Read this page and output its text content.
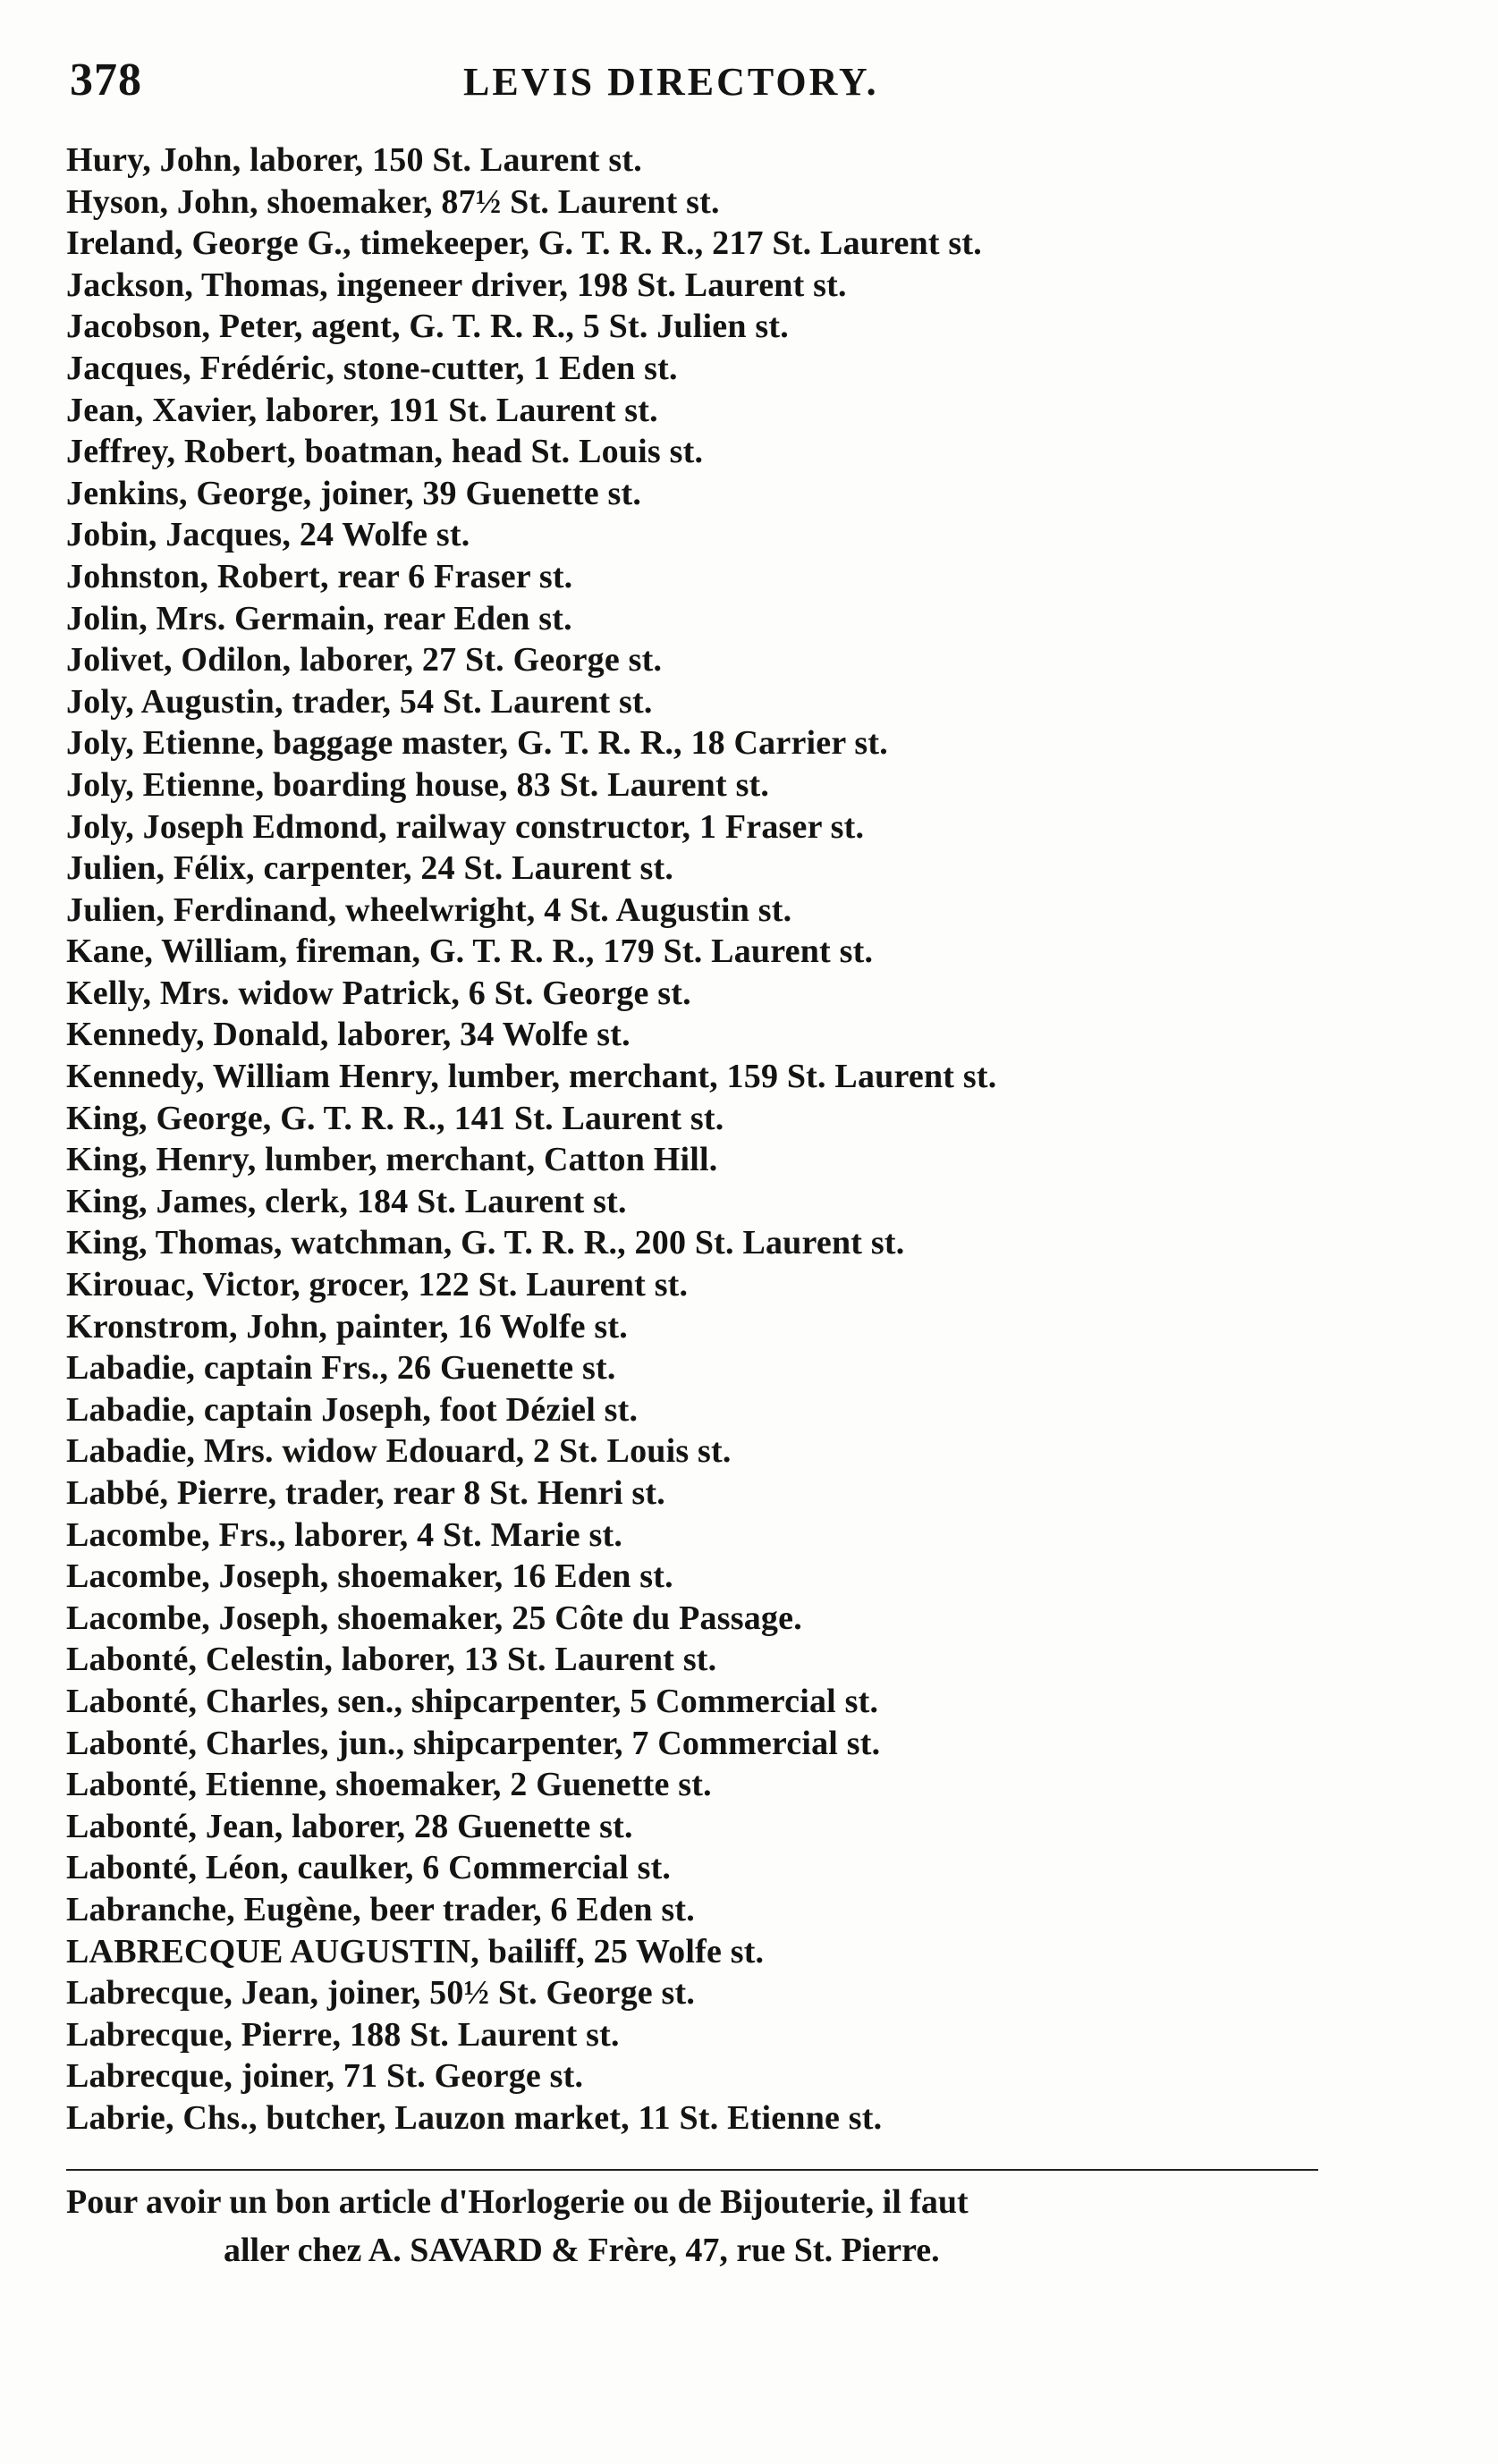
378	LEVIS DIRECTORY.
Hury, John, laborer, 150 St. Laurent st.
Hyson, John, shoemaker, 87½ St. Laurent st.
Ireland, George G., timekeeper, G. T. R. R., 217 St. Laurent st.
Jackson, Thomas, ingeneer driver, 198 St. Laurent st.
Jacobson, Peter, agent, G. T. R. R., 5 St. Julien st.
Jacques, Frédéric, stone-cutter, 1 Eden st.
Jean, Xavier, laborer, 191 St. Laurent st.
Jeffrey, Robert, boatman, head St. Louis st.
Jenkins, George, joiner, 39 Guenette st.
Jobin, Jacques, 24 Wolfe st.
Johnston, Robert, rear 6 Fraser st.
Jolin, Mrs. Germain, rear Eden st.
Jolivet, Odilon, laborer, 27 St. George st.
Joly, Augustin, trader, 54 St. Laurent st.
Joly, Etienne, baggage master, G. T. R. R., 18 Carrier st.
Joly, Etienne, boarding house, 83 St. Laurent st.
Joly, Joseph Edmond, railway constructor, 1 Fraser st.
Julien, Félix, carpenter, 24 St. Laurent st.
Julien, Ferdinand, wheelwright, 4 St. Augustin st.
Kane, William, fireman, G. T. R. R., 179 St. Laurent st.
Kelly, Mrs. widow Patrick, 6 St. George st.
Kennedy, Donald, laborer, 34 Wolfe st.
Kennedy, William Henry, lumber, merchant, 159 St. Laurent st.
King, George, G. T. R. R., 141 St. Laurent st.
King, Henry, lumber, merchant, Catton Hill.
King, James, clerk, 184 St. Laurent st.
King, Thomas, watchman, G. T. R. R., 200 St. Laurent st.
Kirouac, Victor, grocer, 122 St. Laurent st.
Kronstrom, John, painter, 16 Wolfe st.
Labadie, captain Frs., 26 Guenette st.
Labadie, captain Joseph, foot Déziel st.
Labadie, Mrs. widow Edouard, 2 St. Louis st.
Labbé, Pierre, trader, rear 8 St. Henri st.
Lacombe, Frs., laborer, 4 St. Marie st.
Lacombe, Joseph, shoemaker, 16 Eden st.
Lacombe, Joseph, shoemaker, 25 Côte du Passage.
Labonté, Celestin, laborer, 13 St. Laurent st.
Labonté, Charles, sen., shipcarpenter, 5 Commercial st.
Labonté, Charles, jun., shipcarpenter, 7 Commercial st.
Labonté, Etienne, shoemaker, 2 Guenette st.
Labonté, Jean, laborer, 28 Guenette st.
Labonté, Léon, caulker, 6 Commercial st.
Labranche, Eugène, beer trader, 6 Eden st.
LABRECQUE AUGUSTIN, bailiff, 25 Wolfe st.
Labrecque, Jean, joiner, 50½ St. George st.
Labrecque, Pierre, 188 St. Laurent st.
Labrecque, joiner, 71 St. George st.
Labrie, Chs., butcher, Lauzon market, 11 St. Etienne st.
Pour avoir un bon article d'Horlogerie ou de Bijouterie, il faut
aller chez A. SAVARD & Frère, 47, rue St. Pierre.
